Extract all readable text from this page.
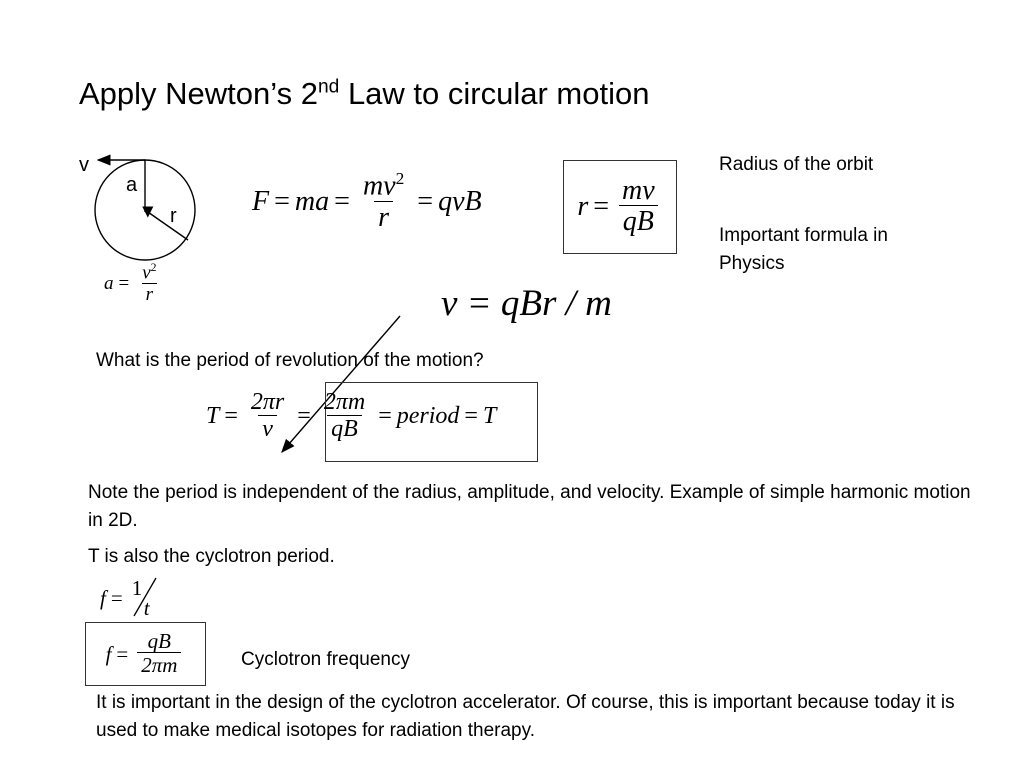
Apply Newton’s 2nd Law to circular motion
v
a
r
$a = \frac{v^2}{r}$
F = ma = $\frac{mv^2}{r}$ = qvB	$r = \frac{mv}{qB}$
Radius of the orbit
Important formula in Physics
v = qBr / m
What is the period of revolution of the motion?
$T = \frac{2\pi r}{v} = \frac{2\pi m}{qB}$ = period = T
Note the period is independent of the radius, amplitude, and velocity. Example of simple harmonic motion in 2D.
T is also the cyclotron period.
f = 1
t
$f = \frac{qB}{2\pi m}$	Cyclotron frequency
It is important in the design of the cyclotron accelerator. Of course, this is important because today it is used to make medical isotopes for radiation therapy.
